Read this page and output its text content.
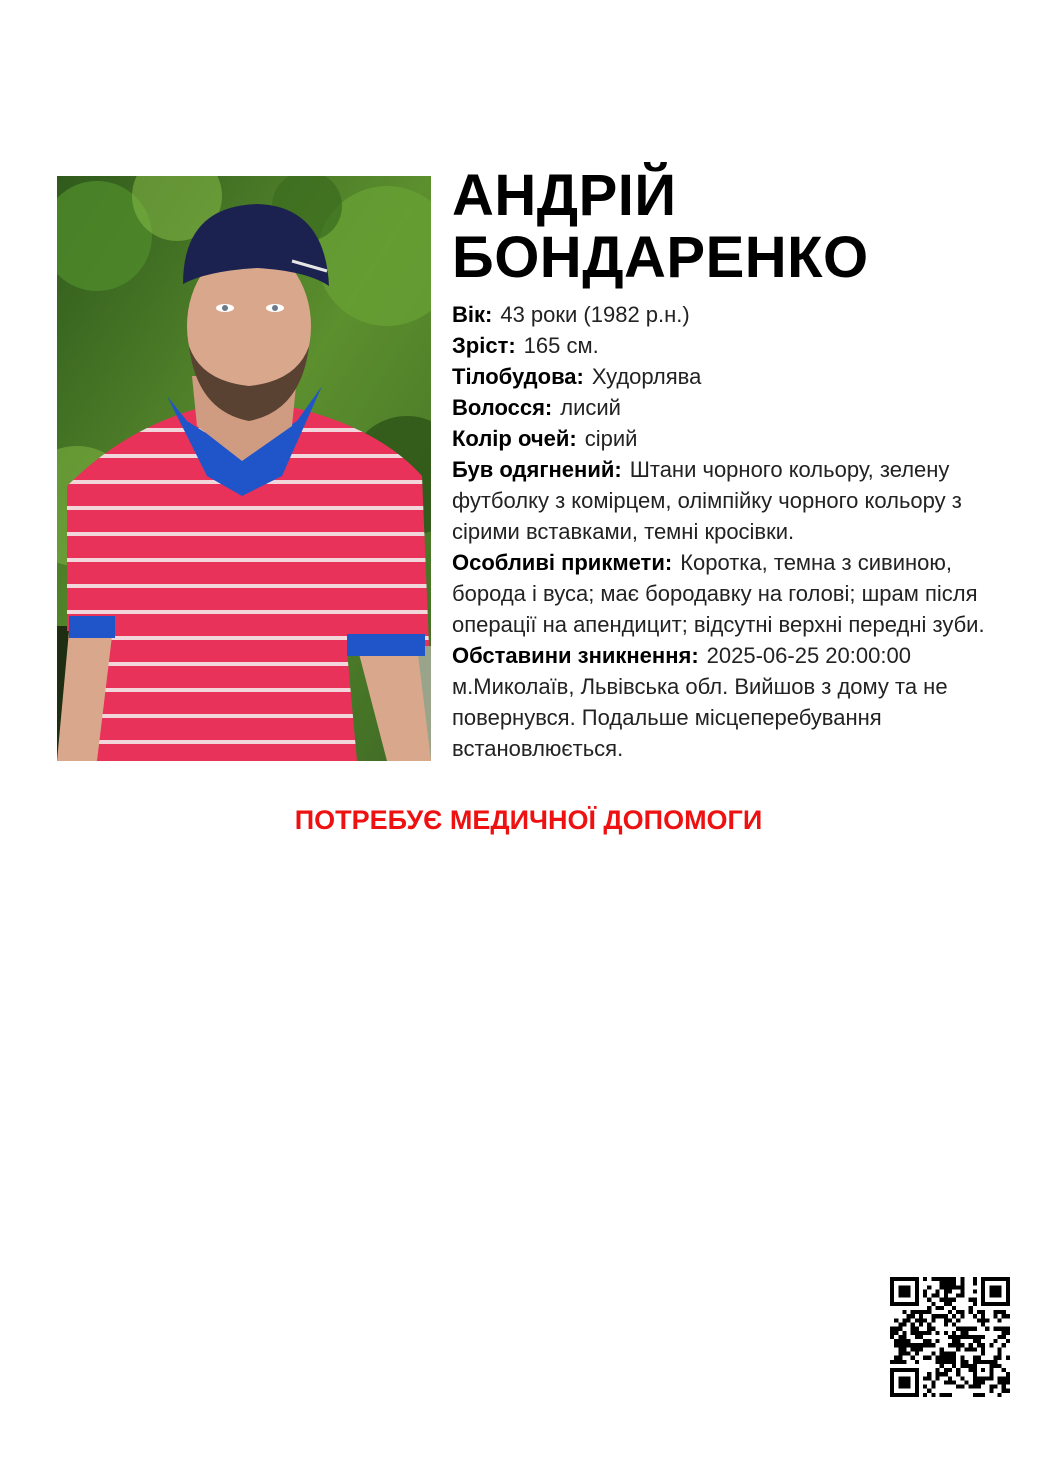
АНДРІЙ
БОНДАРЕНКО

Вік: 43 роки (1982 р.н.)

Зріст: 165 см.

Тілобудова: Худорлява

Волосся: лисий

Колір очей: сірий

Був одягнений: Штани чорного кольору, зелену футболку з комірцем, олімпійку чорного кольору з сірими вставками, темні кросівки.

Особливі прикмети: Коротка, темна з сивиною, борода і вуса; має бородавку на голові; шрам після операції на апендицит; відсутні верхні передні зуби.

Обставини зникнення: 2025-06-25 20:00:00 м.Миколаїв, Львівська обл. Вийшов з дому та не повернувся. Подальше місцеперебування встановлюється.

ПОТРЕБУЄ МЕДИЧНОЇ ДОПОМОГИ
